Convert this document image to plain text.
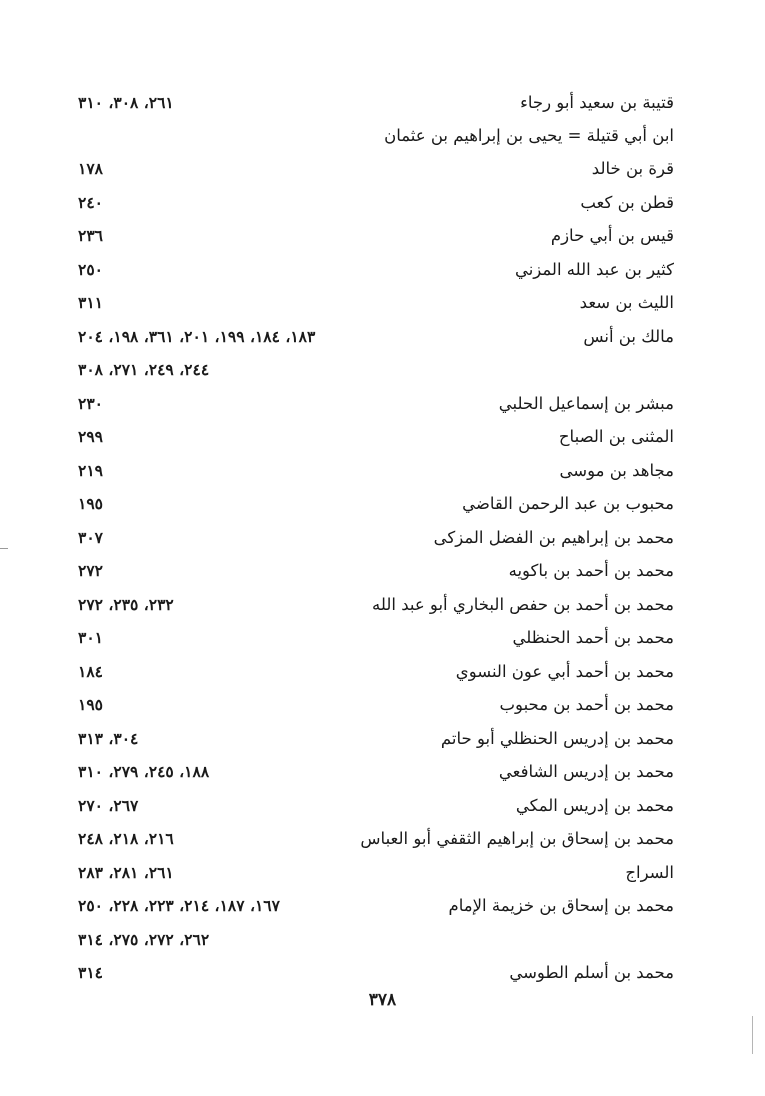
قتيبة بن سعيد أبو رجاء
٢٦١، ٣٠٨، ٣١٠
ابن أبي قتيلة = يحيى بن إبراهيم بن عثمان
قرة بن خالد
١٧٨
قطن بن كعب
٢٤٠
قيس بن أبي حازم
٢٣٦
كثير بن عبد الله المزني
٢٥٠
الليث بن سعد
٣١١
مالك بن أنس
١٨٣، ١٨٤، ١٩٩، ٢٠١، ٣٦١، ١٩٨، ٢٠٤
٢٤٤، ٢٤٩، ٢٧١، ٣٠٨
مبشر بن إسماعيل الحلبي
٢٣٠
المثنى بن الصباح
٢٩٩
مجاهد بن موسى
٢١٩
محبوب بن عبد الرحمن القاضي
١٩٥
محمد بن إبراهيم بن الفضل المزكى
٣٠٧
محمد بن أحمد بن باكويه
٢٧٢
محمد بن أحمد بن حفص البخاري أبو عبد الله
٢٣٢، ٢٣٥، ٢٧٢
محمد بن أحمد الحنظلي
٣٠١
محمد بن أحمد أبي عون النسوي
١٨٤
محمد بن أحمد بن محبوب
١٩٥
محمد بن إدريس الحنظلي أبو حاتم
٣٠٤، ٣١٣
محمد بن إدريس الشافعي
١٨٨، ٢٤٥، ٢٧٩، ٣١٠
محمد بن إدريس المكي
٢٦٧، ٢٧٠
محمد بن إسحاق بن إبراهيم الثقفي أبو العباس
٢١٦، ٢١٨، ٢٤٨
السراج
٢٦١، ٢٨١، ٢٨٣
محمد بن إسحاق بن خزيمة الإمام
١٦٧، ١٨٧، ٢١٤، ٢٢٣، ٢٢٨، ٢٥٠
٢٦٢، ٢٧٢، ٢٧٥، ٣١٤
محمد بن أسلم الطوسي
٣١٤
٣٧٨
